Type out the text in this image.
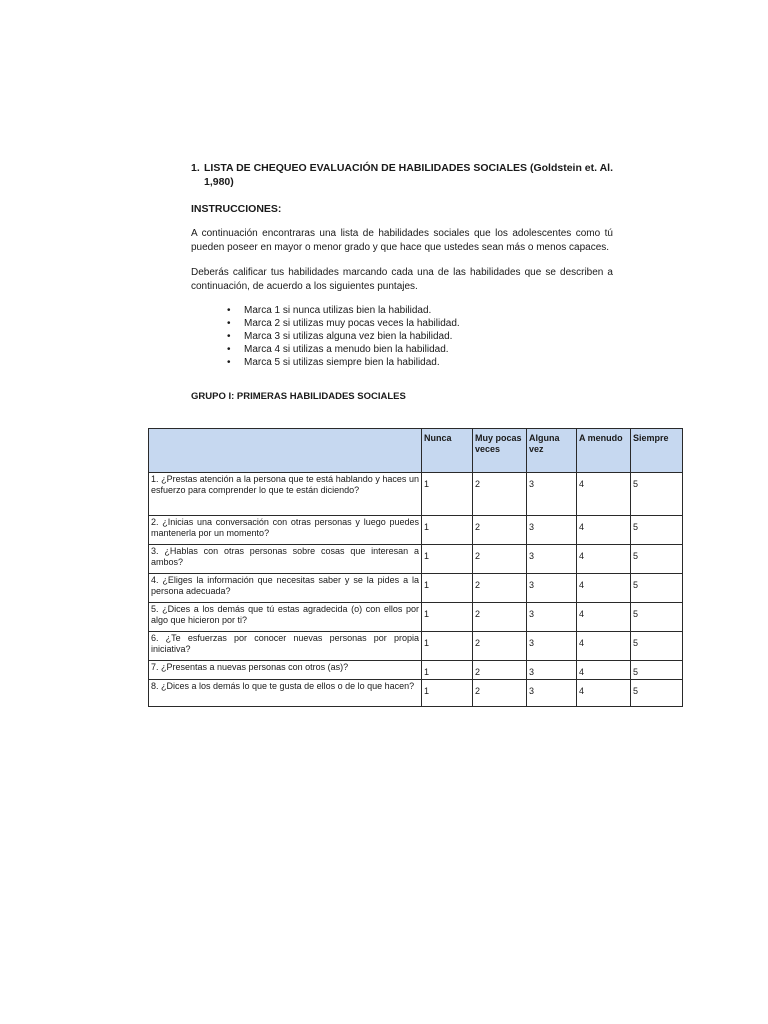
1. LISTA DE CHEQUEO EVALUACIÓN DE HABILIDADES SOCIALES (Goldstein et. Al. 1,980)
INSTRUCCIONES:
A continuación encontraras una lista de habilidades sociales que los adolescentes como tú pueden poseer en mayor o menor grado y que hace que ustedes sean más o menos capaces.
Deberás calificar tus habilidades marcando cada una de las habilidades que se describen a continuación, de acuerdo a los siguientes puntajes.
• Marca 1 si nunca utilizas bien la habilidad.
• Marca 2 si utilizas muy pocas veces la habilidad.
• Marca 3 si utilizas alguna vez bien la habilidad.
• Marca 4 si utilizas a menudo bien la habilidad.
• Marca 5 si utilizas siempre bien la habilidad.
GRUPO I: PRIMERAS HABILIDADES SOCIALES
	Nunca	Muy pocas veces	Alguna vez	A menudo	Siempre
1. ¿Prestas atención a la persona que te está hablando y haces un esfuerzo para comprender lo que te están diciendo?	1	2	3	4	5
2. ¿Inicias una conversación con otras personas y luego puedes mantenerla por un momento?	1	2	3	4	5
3. ¿Hablas con otras personas sobre cosas que interesan a ambos?	1	2	3	4	5
4. ¿Eliges la información que necesitas saber y se la pides a la persona adecuada?	1	2	3	4	5
5. ¿Dices a los demás que tú estas agradecida (o) con ellos por algo que hicieron por ti?	1	2	3	4	5
6. ¿Te esfuerzas por conocer nuevas personas por propia iniciativa?	1	2	3	4	5
7. ¿Presentas a nuevas personas con otros (as)?	1	2	3	4	5
8. ¿Dices a los demás lo que te gusta de ellos o de lo que hacen?	1	2	3	4	5
